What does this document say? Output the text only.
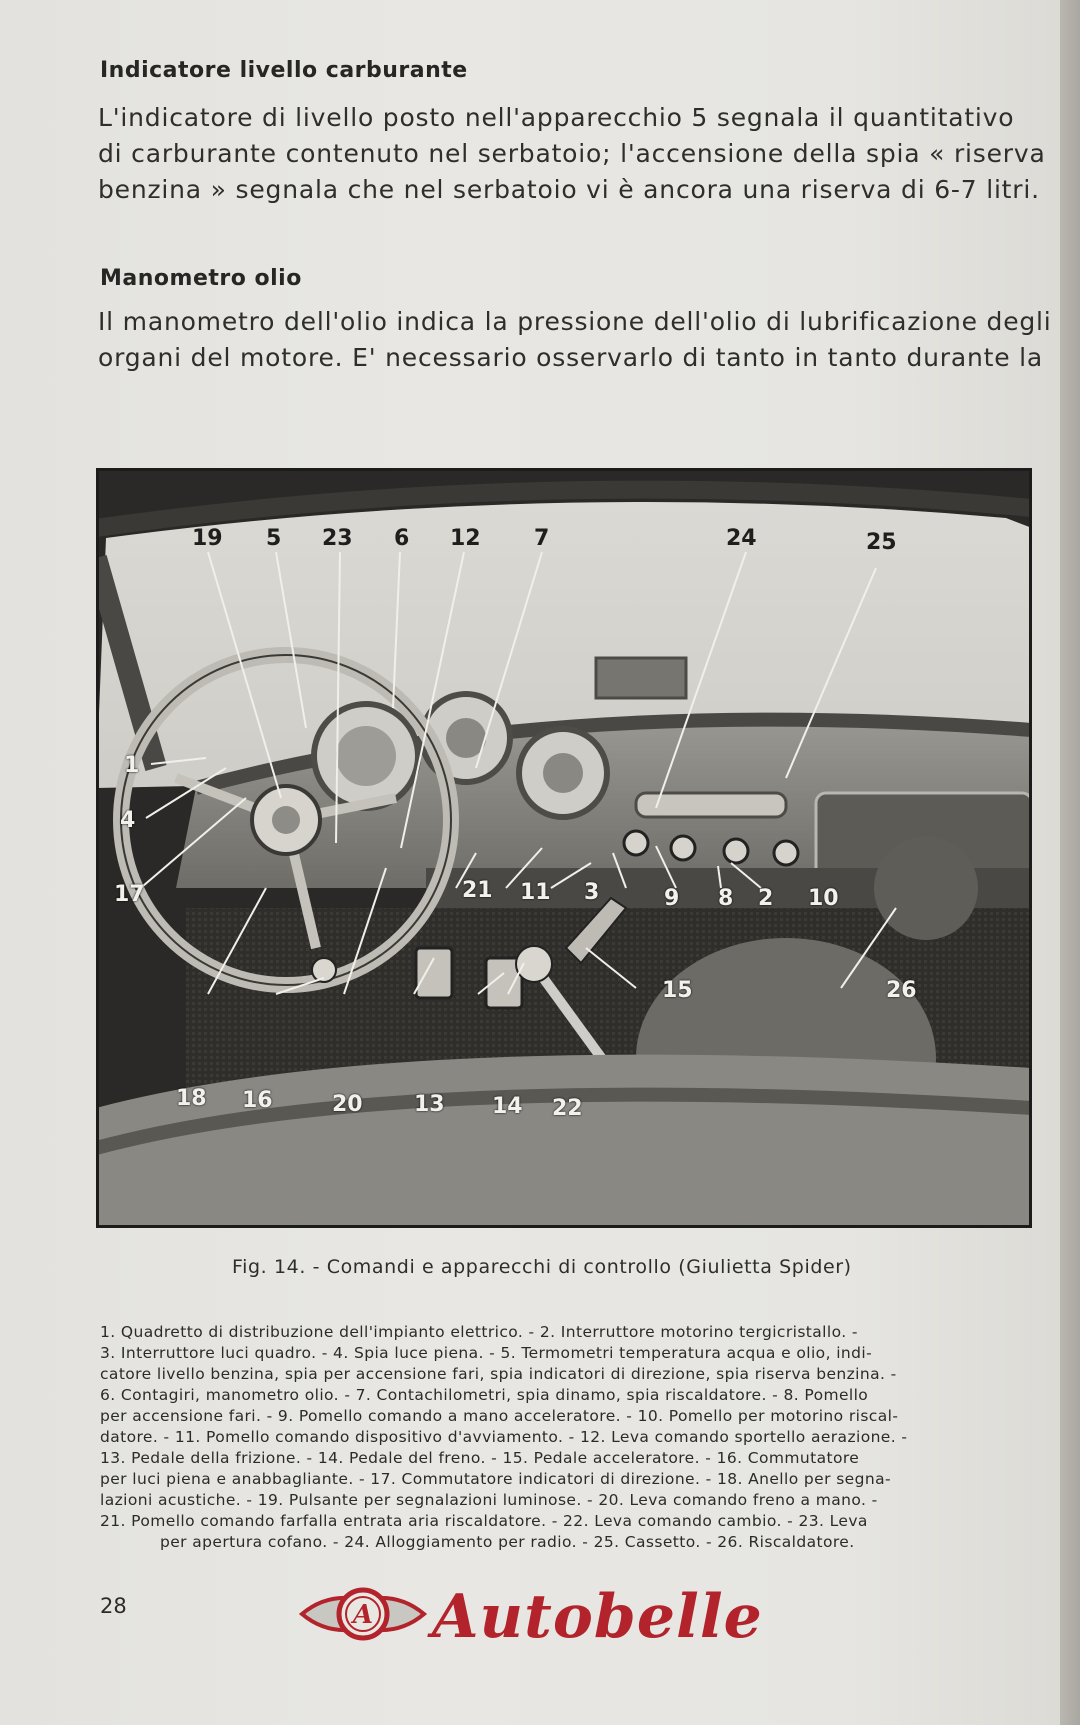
Indicatore livello carburante

L'indicatore di livello posto nell'apparecchio 5 segnala il quantitativo

di carburante contenuto nel serbatoio; l'accensione della spia « riserva

benzina » segnala che nel serbatoio vi è ancora una riserva di 6-7 litri.

Manometro olio

Il manometro dell'olio indica la pressione dell'olio di lubrificazione degli

organi del motore. E' necessario osservarlo di tanto in tanto durante la

19 5 23 6 12 7	24	25
1
4
17	21 11 3	9 8 2 10
15	26
18 16	20 13 14 22
Fig. 14. - Comandi e apparecchi di controllo (Giulietta Spider)

1. Quadretto di distribuzione dell'impianto elettrico. - 2. Interruttore motorino tergicristallo. -

3. Interruttore luci quadro. - 4. Spia luce piena. - 5. Termometri temperatura acqua e olio, indi-

catore livello benzina, spia per accensione fari, spia indicatori di direzione, spia riserva benzina. -

6. Contagiri, manometro olio. - 7. Contachilometri, spia dinamo, spia riscaldatore. - 8. Pomello

per accensione fari. - 9. Pomello comando a mano acceleratore. - 10. Pomello per motorino riscal-

datore. - 11. Pomello comando dispositivo d'avviamento. - 12. Leva comando sportello aerazione. -

13. Pedale della frizione. - 14. Pedale del freno. - 15. Pedale acceleratore. - 16. Commutatore

per luci piena e anabbagliante. - 17. Commutatore indicatori di direzione. - 18. Anello per segna-

lazioni acustiche. - 19. Pulsante per segnalazioni luminose. - 20. Leva comando freno a mano. -

21. Pomello comando farfalla entrata aria riscaldatore. - 22. Leva comando cambio. - 23. Leva

per apertura cofano. - 24. Alloggiamento per radio. - 25. Cassetto. - 26. Riscaldatore.

28	A Autobelle
